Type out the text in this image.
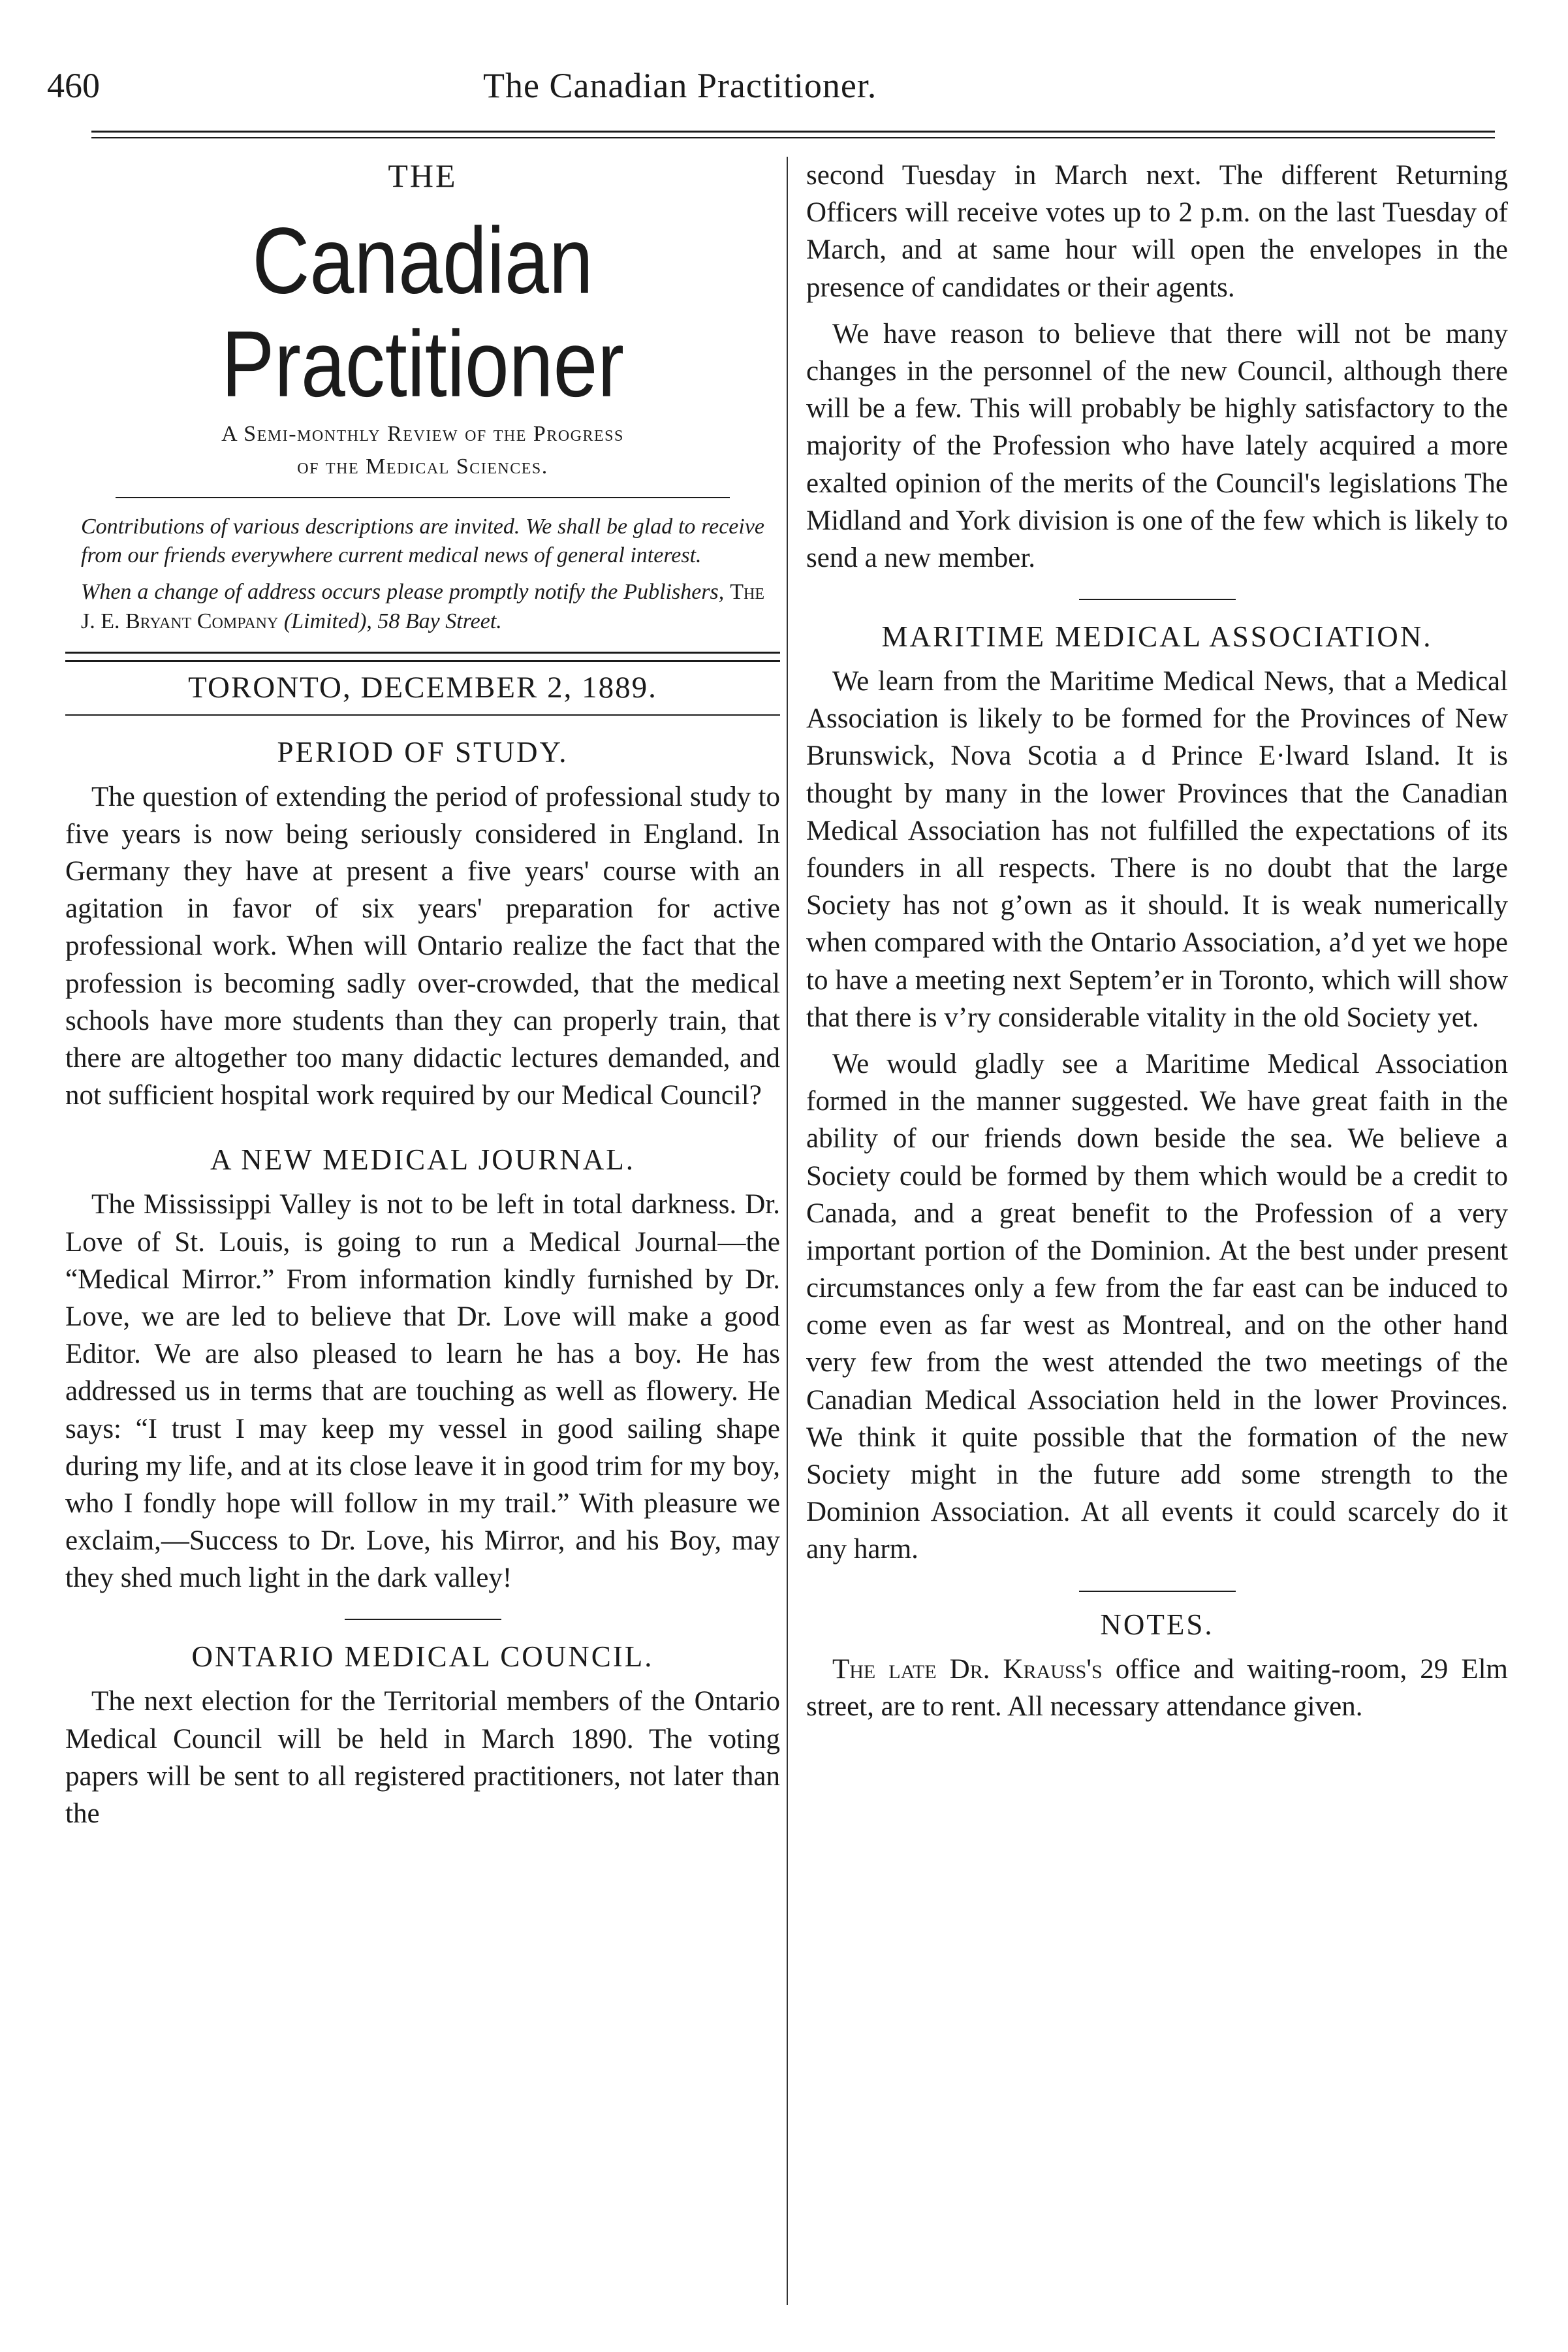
460	The Canadian Practitioner.
THE
Canadian Practitioner
A Semi-monthly Review of the Progress
of the Medical Sciences.

Contributions of various descriptions are invited. We shall be glad to receive from our friends everywhere current medical news of general interest.

When a change of address occurs please promptly notify the Publishers, The J. E. Bryant Company (Limited), 58 Bay Street.

TORONTO, DECEMBER 2, 1889.
PERIOD OF STUDY.

The question of extending the period of professional study to five years is now being seriously considered in England. In Germany they have at present a five years' course with an agitation in favor of six years' preparation for active professional work. When will Ontario realize the fact that the profession is becoming sadly over-crowded, that the medical schools have more students than they can properly train, that there are altogether too many didactic lectures demanded, and not sufficient hospital work required by our Medical Council?

A NEW MEDICAL JOURNAL.

The Mississippi Valley is not to be left in total darkness. Dr. Love of St. Louis, is going to run a Medical Journal—the “Medical Mirror.” From information kindly furnished by Dr. Love, we are led to believe that Dr. Love will make a good Editor. We are also pleased to learn he has a boy. He has addressed us in terms that are touching as well as flowery. He says: “I trust I may keep my vessel in good sailing shape during my life, and at its close leave it in good trim for my boy, who I fondly hope will follow in my trail.” With pleasure we exclaim,—Success to Dr. Love, his Mirror, and his Boy, may they shed much light in the dark valley!

ONTARIO MEDICAL COUNCIL.

The next election for the Territorial members of the Ontario Medical Council will be held in March 1890. The voting papers will be sent to all registered practitioners, not later than the

second Tuesday in March next. The different Returning Officers will receive votes up to 2 p.m. on the last Tuesday of March, and at same hour will open the envelopes in the presence of candidates or their agents.

We have reason to believe that there will not be many changes in the personnel of the new Council, although there will be a few. This will probably be highly satisfactory to the majority of the Profession who have lately acquired a more exalted opinion of the merits of the Council's legislations The Midland and York division is one of the few which is likely to send a new member.

MARITIME MEDICAL ASSOCIATION.

We learn from the Maritime Medical News, that a Medical Association is likely to be formed for the Provinces of New Brunswick, Nova Scotia a d Prince E·lward Island. It is thought by many in the lower Provinces that the Canadian Medical Association has not fulfilled the expectations of its founders in all respects. There is no doubt that the large Society has not g’own as it should. It is weak numerically when compared with the Ontario Association, a’d yet we hope to have a meeting next Septem’er in Toronto, which will show that there is v’ry considerable vitality in the old Society yet.

We would gladly see a Maritime Medical Association formed in the manner suggested. We have great faith in the ability of our friends down beside the sea. We believe a Society could be formed by them which would be a credit to Canada, and a great benefit to the Profession of a very important portion of the Dominion. At the best under present circumstances only a few from the far east can be induced to come even as far west as Montreal, and on the other hand very few from the west attended the two meetings of the Canadian Medical Association held in the lower Provinces. We think it quite possible that the formation of the new Society might in the future add some strength to the Dominion Association. At all events it could scarcely do it any harm.

NOTES.

The late Dr. Krauss's office and waiting-room, 29 Elm street, are to rent. All necessary attendance given.
